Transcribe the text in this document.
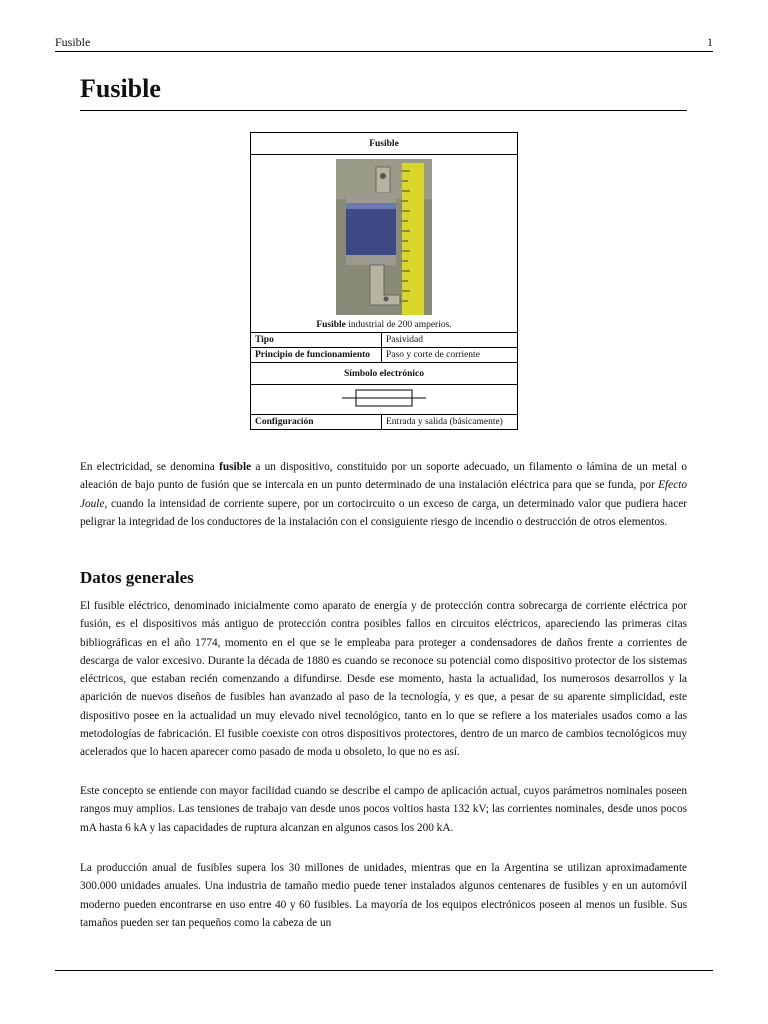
Fusible	1
Fusible
Fusible	

Fusible industrial de 200 amperios.	

Tipo	Pasividad
Principio de funcionamiento	Paso y corte de corriente
Símbolo electrónico	

Configuración	Entrada y salida (básicamente)

En electricidad, se denomina fusible a un dispositivo, constituido por un soporte adecuado, un filamento o lámina de un metal o aleación de bajo punto de fusión que se intercala en un punto determinado de una instalación eléctrica para que se funda, por Efecto Joule, cuando la intensidad de corriente supere, por un cortocircuito o un exceso de carga, un determinado valor que pudiera hacer peligrar la integridad de los conductores de la instalación con el consiguiente riesgo de incendio o destrucción de otros elementos.

Datos generales

El fusible eléctrico, denominado inicialmente como aparato de energía y de protección contra sobrecarga de corriente eléctrica por fusión, es el dispositivos más antiguo de protección contra posibles fallos en circuitos eléctricos, apareciendo las primeras citas bibliográficas en el año 1774, momento en el que se le empleaba para proteger a condensadores de daños frente a corrientes de descarga de valor excesivo. Durante la década de 1880 es cuando se reconoce su potencial como dispositivo protector de los sistemas eléctricos, que estaban recién comenzando a difundirse. Desde ese momento, hasta la actualidad, los numerosos desarrollos y la aparición de nuevos diseños de fusibles han avanzado al paso de la tecnología, y es que, a pesar de su aparente simplicidad, este dispositivo posee en la actualidad un muy elevado nivel tecnológico, tanto en lo que se refiere a los materiales usados como a las metodologías de fabricación. El fusible coexiste con otros dispositivos protectores, dentro de un marco de cambios tecnológicos muy acelerados que lo hacen aparecer como pasado de moda u obsoleto, lo que no es así.

Este concepto se entiende con mayor facilidad cuando se describe el campo de aplicación actual, cuyos parámetros nominales poseen rangos muy amplios. Las tensiones de trabajo van desde unos pocos voltios hasta 132 kV; las corrientes nominales, desde unos pocos mA hasta 6 kA y las capacidades de ruptura alcanzan en algunos casos los 200 kA.

La producción anual de fusibles supera los 30 millones de unidades, mientras que en la Argentina se utilizan aproximadamente 300.000 unidades anuales. Una industria de tamaño medio puede tener instalados algunos centenares de fusibles y en un automóvil moderno pueden encontrarse en uso entre 40 y 60 fusibles. La mayoría de los equipos electrónicos poseen al menos un fusible. Sus tamaños pueden ser tan pequeños como la cabeza de un
